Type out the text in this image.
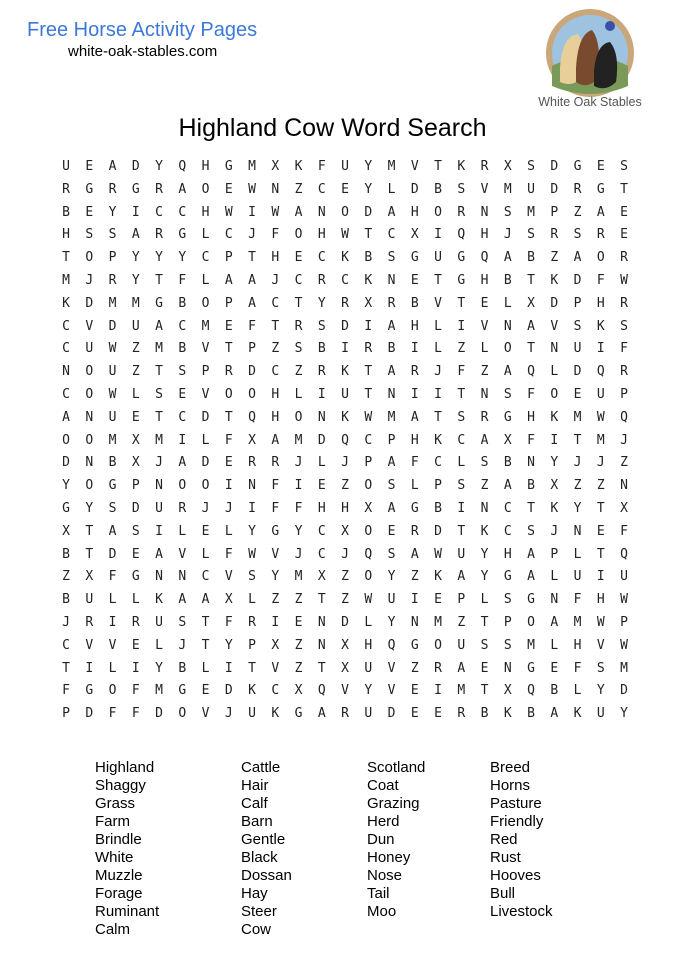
Free Horse Activity Pages
white-oak-stables.com
White Oak Stables
Highland Cow Word Search
U	E	A	D	Y	Q	H	G	M	X	K	F	U	Y	M	V	T	K	R	X	S	D	G	E	S
R	G	R	G	R	A	O	E	W	N	Z	C	E	Y	L	D	B	S	V	M	U	D	R	G	T
B	E	Y	I	C	C	H	W	I	W	A	N	O	D	A	H	O	R	N	S	M	P	Z	A	E
H	S	S	A	R	G	L	C	J	F	O	H	W	T	C	X	I	Q	H	J	S	R	S	R	E
T	O	P	Y	Y	Y	C	P	T	H	E	C	K	B	S	G	U	G	Q	A	B	Z	A	O	R
M	J	R	Y	T	F	L	A	A	J	C	R	C	K	N	E	T	G	H	B	T	K	D	F	W
K	D	M	M	G	B	O	P	A	C	T	Y	R	X	R	B	V	T	E	L	X	D	P	H	R
C	V	D	U	A	C	M	E	F	T	R	S	D	I	A	H	L	I	V	N	A	V	S	K	S
C	U	W	Z	M	B	V	T	P	Z	S	B	I	R	B	I	L	Z	L	O	T	N	U	I	F
N	O	U	Z	T	S	P	R	D	C	Z	R	K	T	A	R	J	F	Z	A	Q	L	D	Q	R
C	O	W	L	S	E	V	O	O	H	L	I	U	T	N	I	I	T	N	S	F	O	E	U	P
A	N	U	E	T	C	D	T	Q	H	O	N	K	W	M	A	T	S	R	G	H	K	M	W	Q
O	O	M	X	M	I	L	F	X	A	M	D	Q	C	P	H	K	C	A	X	F	I	T	M	J
D	N	B	X	J	A	D	E	R	R	J	L	J	P	A	F	C	L	S	B	N	Y	J	J	Z
Y	O	G	P	N	O	O	I	N	F	I	E	Z	O	S	L	P	S	Z	A	B	X	Z	Z	N
G	Y	S	D	U	R	J	J	I	F	F	H	H	X	A	G	B	I	N	C	T	K	Y	T	X
X	T	A	S	I	L	E	L	Y	G	Y	C	X	O	E	R	D	T	K	C	S	J	N	E	F
B	T	D	E	A	V	L	F	W	V	J	C	J	Q	S	A	W	U	Y	H	A	P	L	T	Q
Z	X	F	G	N	N	C	V	S	Y	M	X	Z	O	Y	Z	K	A	Y	G	A	L	U	I	U
B	U	L	L	K	A	A	X	L	Z	Z	T	Z	W	U	I	E	P	L	S	G	N	F	H	W
J	R	I	R	U	S	T	F	R	I	E	N	D	L	Y	N	M	Z	T	P	O	A	M	W	P
C	V	V	E	L	J	T	Y	P	X	Z	N	X	H	Q	G	O	U	S	S	M	L	H	V	W
T	I	L	I	Y	B	L	I	T	V	Z	T	X	U	V	Z	R	A	E	N	G	E	F	S	M
F	G	O	F	M	G	E	D	K	C	X	Q	V	Y	V	E	I	M	T	X	Q	B	L	Y	D
P	D	F	F	D	O	V	J	U	K	G	A	R	U	D	E	E	R	B	K	B	A	K	U	Y
Highland
Shaggy
Grass
Farm
Brindle
White
Muzzle
Forage
Ruminant
Calm
Cattle
Hair
Calf
Barn
Gentle
Black
Dossan
Hay
Steer
Cow
Scotland
Coat
Grazing
Herd
Dun
Honey
Nose
Tail
Moo
Breed
Horns
Pasture
Friendly
Red
Rust
Hooves
Bull
Livestock
